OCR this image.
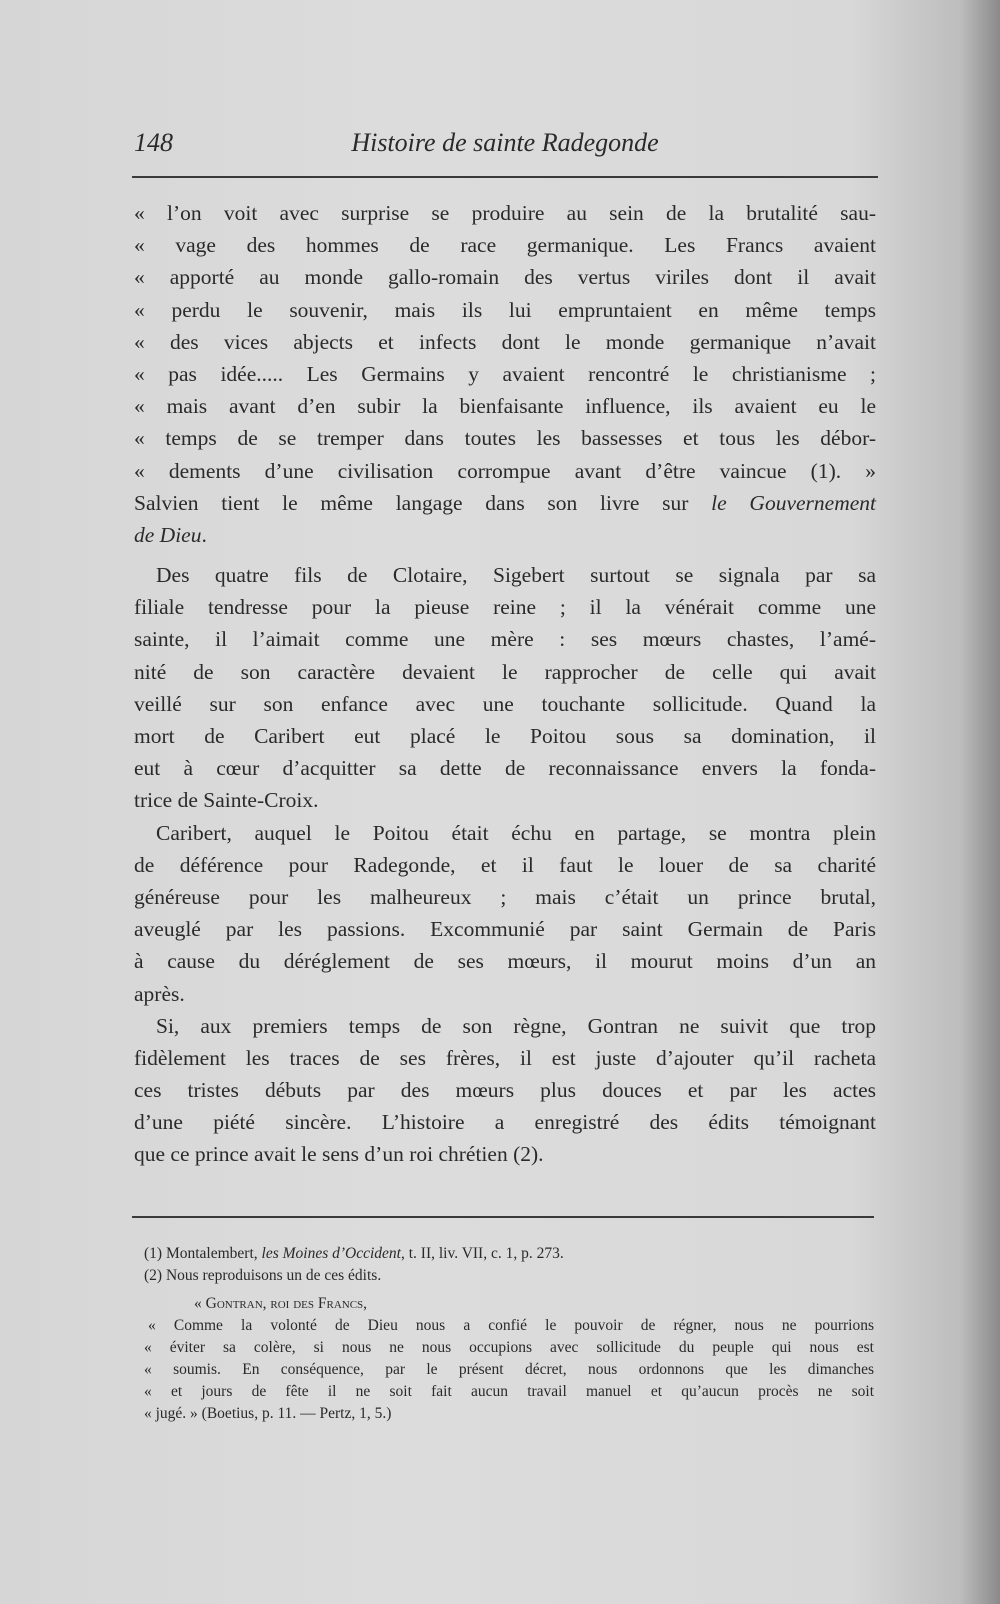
148	Histoire de sainte Radegonde
« l’on voit avec surprise se produire au sein de la brutalité sau-
« vage des hommes de race germanique. Les Francs avaient
« apporté au monde gallo-romain des vertus viriles dont il avait
« perdu le souvenir, mais ils lui empruntaient en même temps
« des vices abjects et infects dont le monde germanique n’avait
« pas idée..... Les Germains y avaient rencontré le christianisme ;
« mais avant d’en subir la bienfaisante influence, ils avaient eu le
« temps de se tremper dans toutes les bassesses et tous les débor-
« dements d’une civilisation corrompue avant d’être vaincue (1). »
Salvien tient le même langage dans son livre sur le Gouvernement
de Dieu.
Des quatre fils de Clotaire, Sigebert surtout se signala par sa
filiale tendresse pour la pieuse reine ; il la vénérait comme une
sainte, il l’aimait comme une mère : ses mœurs chastes, l’amé-
nité de son caractère devaient le rapprocher de celle qui avait
veillé sur son enfance avec une touchante sollicitude. Quand la
mort de Caribert eut placé le Poitou sous sa domination, il
eut à cœur d’acquitter sa dette de reconnaissance envers la fonda-
trice de Sainte-Croix.
Caribert, auquel le Poitou était échu en partage, se montra plein
de déférence pour Radegonde, et il faut le louer de sa charité
généreuse pour les malheureux ; mais c’était un prince brutal,
aveuglé par les passions. Excommunié par saint Germain de Paris
à cause du déréglement de ses mœurs, il mourut moins d’un an
après.
Si, aux premiers temps de son règne, Gontran ne suivit que trop
fidèlement les traces de ses frères, il est juste d’ajouter qu’il racheta
ces tristes débuts par des mœurs plus douces et par les actes
d’une piété sincère. L’histoire a enregistré des édits témoignant
que ce prince avait le sens d’un roi chrétien (2).
(1) Montalembert, les Moines d’Occident, t. II, liv. VII, c. 1, p. 273.
(2) Nous reproduisons un de ces édits.
« Gontran, roi des Francs,
« Comme la volonté de Dieu nous a confié le pouvoir de régner, nous ne pourrions
« éviter sa colère, si nous ne nous occupions avec sollicitude du peuple qui nous est
« soumis. En conséquence, par le présent décret, nous ordonnons que les dimanches
« et jours de fête il ne soit fait aucun travail manuel et qu’aucun procès ne soit
« jugé. » (Boetius, p. 11. — Pertz, 1, 5.)
